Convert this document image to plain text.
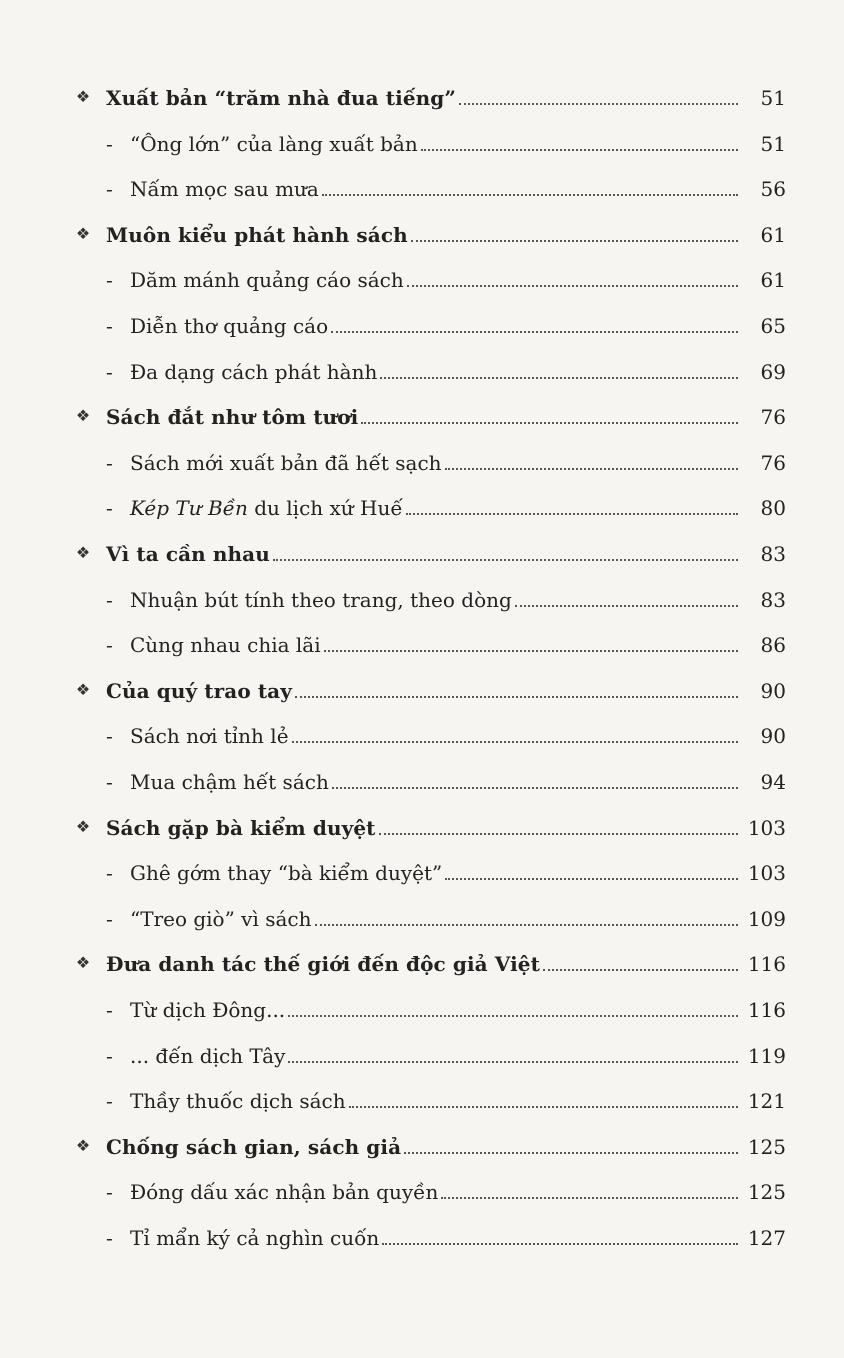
❖ Xuất bản “trăm nhà đua tiếng”	51
- “Ông lớn” của làng xuất bản	51
- Nấm mọc sau mưa	56
❖ Muôn kiểu phát hành sách	61
- Dăm mánh quảng cáo sách	61
- Diễn thơ quảng cáo	65
- Đa dạng cách phát hành	69
❖ Sách đắt như tôm tươi	76
- Sách mới xuất bản đã hết sạch	76
- Kép Tư Bền du lịch xứ Huế	80
❖ Vì ta cần nhau	83
- Nhuận bút tính theo trang, theo dòng	83
- Cùng nhau chia lãi	86
❖ Của quý trao tay	90
- Sách nơi tỉnh lẻ	90
- Mua chậm hết sách	94
❖ Sách gặp bà kiểm duyệt	103
- Ghê gớm thay “bà kiểm duyệt”	103
- “Treo giò” vì sách	109
❖ Đưa danh tác thế giới đến độc giả Việt	116
- Từ dịch Đông...	116
- ... đến dịch Tây	119
- Thầy thuốc dịch sách	121
❖ Chống sách gian, sách giả	125
- Đóng dấu xác nhận bản quyền	125
- Tỉ mẩn ký cả nghìn cuốn	127
